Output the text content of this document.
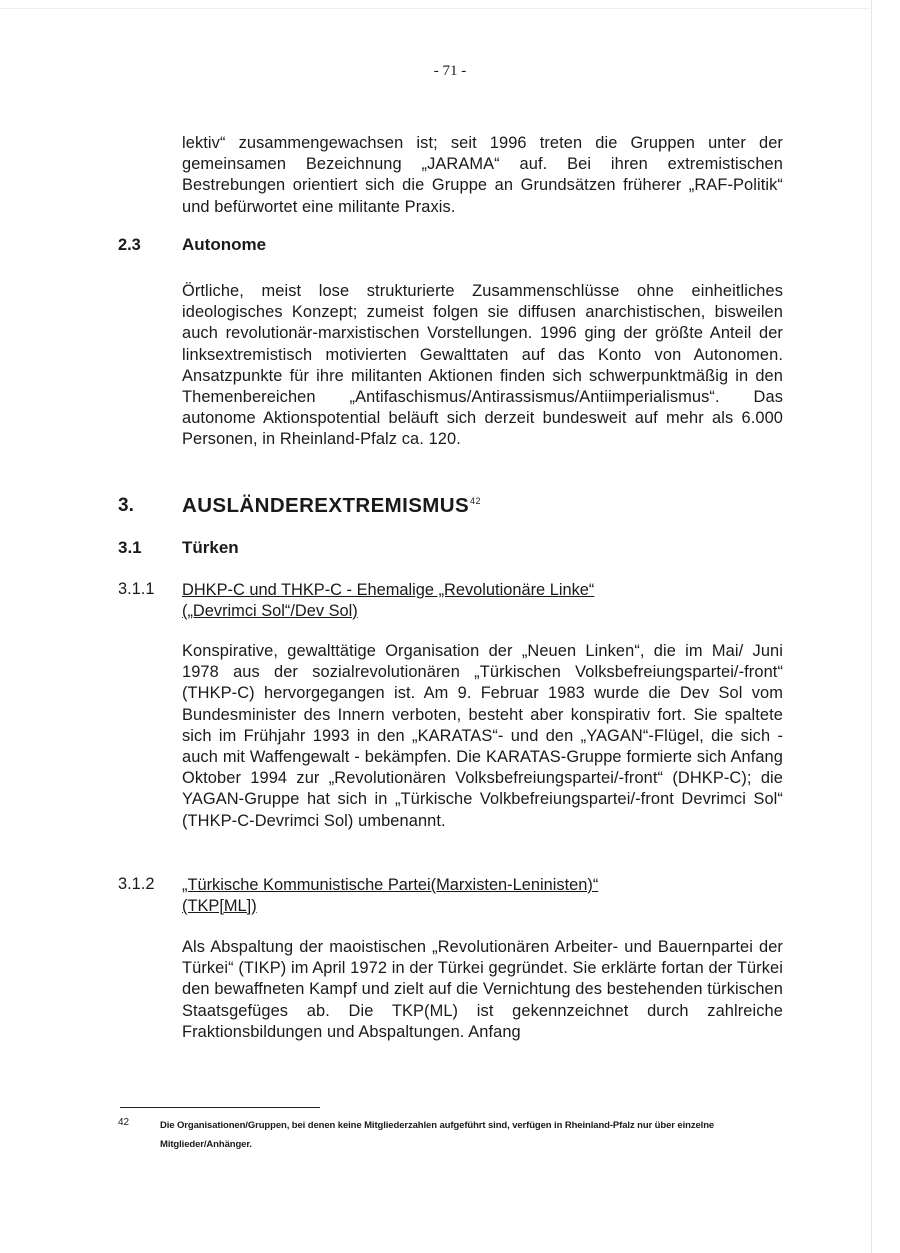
- 71 -
lektiv“ zusammengewachsen ist; seit 1996 treten die Gruppen unter der gemeinsamen Bezeichnung „JARAMA“ auf. Bei ihren extremistischen Bestrebungen orientiert sich die Gruppe an Grundsätzen früherer „RAF-Politik“ und befürwortet eine militante Praxis.
2.3 Autonome
Örtliche, meist lose strukturierte Zusammenschlüsse ohne einheitliches ideologisches Konzept; zumeist folgen sie diffusen anarchistischen, bisweilen auch revolutionär-marxistischen Vorstellungen. 1996 ging der größte Anteil der linksextremistisch motivierten Gewalttaten auf das Konto von Autonomen. Ansatzpunkte für ihre militanten Aktionen finden sich schwerpunktmäßig in den Themenbereichen „Antifaschismus/Antirassismus/Antiimperialismus“. Das autonome Aktionspotential beläuft sich derzeit bundesweit auf mehr als 6.000 Personen, in Rheinland-Pfalz ca. 120.
3. AUSLÄNDEREXTREMISMUS$^{42}$
3.1 Türken
3.1.1 DHKP-C und THKP-C - Ehemalige „Revolutionäre Linke“
(„Devrimci Sol“/Dev Sol)
Konspirative, gewalttätige Organisation der „Neuen Linken“, die im Mai/ Juni 1978 aus der sozialrevolutionären „Türkischen Volksbefreiungspartei/-front“ (THKP-C) hervorgegangen ist. Am 9. Februar 1983 wurde die Dev Sol vom Bundesminister des Innern verboten, besteht aber konspirativ fort. Sie spaltete sich im Frühjahr 1993 in den „KARATAS“- und den „YAGAN“-Flügel, die sich - auch mit Waffengewalt - bekämpfen. Die KARATAS-Gruppe formierte sich Anfang Oktober 1994 zur „Revolutionären Volksbefreiungspartei/-front“ (DHKP-C); die YAGAN-Gruppe hat sich in „Türkische Volkbefreiungspartei/-front Devrimci Sol“ (THKP-C-Devrimci Sol) umbenannt.
3.1.2 „Türkische Kommunistische Partei(Marxisten-Leninisten)“
(TKP[ML])
Als Abspaltung der maoistischen „Revolutionären Arbeiter- und Bauernpartei der Türkei“ (TIKP) im April 1972 in der Türkei gegründet. Sie erklärte fortan der Türkei den bewaffneten Kampf und zielt auf die Vernichtung des bestehenden türkischen Staatsgefüges ab. Die TKP(ML) ist gekennzeichnet durch zahlreiche Fraktionsbildungen und Abspaltungen. Anfang
42	Die Organisationen/Gruppen, bei denen keine Mitgliederzahlen aufgeführt sind, verfügen in Rheinland-Pfalz nur über einzelne Mitglieder/Anhänger.
